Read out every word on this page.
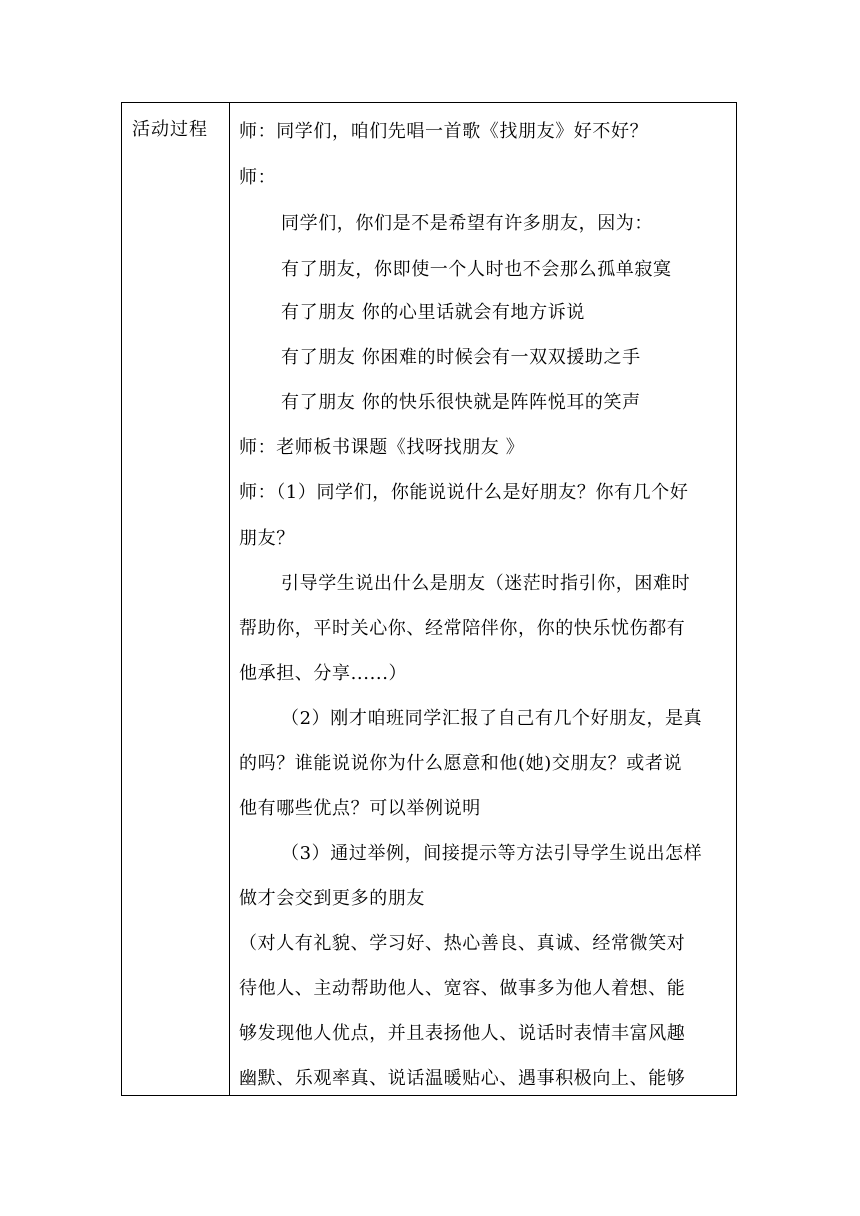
活动过程 师：同学们，咱们先唱一首歌《找朋友》好不好？
师：
同学们，你们是不是希望有许多朋友，因为：
有了朋友，你即使一个人时也不会那么孤单寂寞
有了朋友 你的心里话就会有地方诉说
有了朋友 你困难的时候会有一双双援助之手
有了朋友 你的快乐很快就是阵阵悦耳的笑声
师：老师板书课题《找呀找朋友 》
师：（1）同学们，你能说说什么是好朋友？你有几个好
朋友？
引导学生说出什么是朋友（迷茫时指引你，困难时
帮助你，平时关心你、经常陪伴你，你的快乐忧伤都有
他承担、分享......）
（2）刚才咱班同学汇报了自己有几个好朋友，是真
的吗？谁能说说你为什么愿意和他(她)交朋友？或者说
他有哪些优点？可以举例说明
（3）通过举例，间接提示等方法引导学生说出怎样
做才会交到更多的朋友
（对人有礼貌、学习好、热心善良、真诚、经常微笑对
待他人、主动帮助他人、宽容、做事多为他人着想、能
够发现他人优点，并且表扬他人、说话时表情丰富风趣
幽默、乐观率真、说话温暖贴心、遇事积极向上、能够
